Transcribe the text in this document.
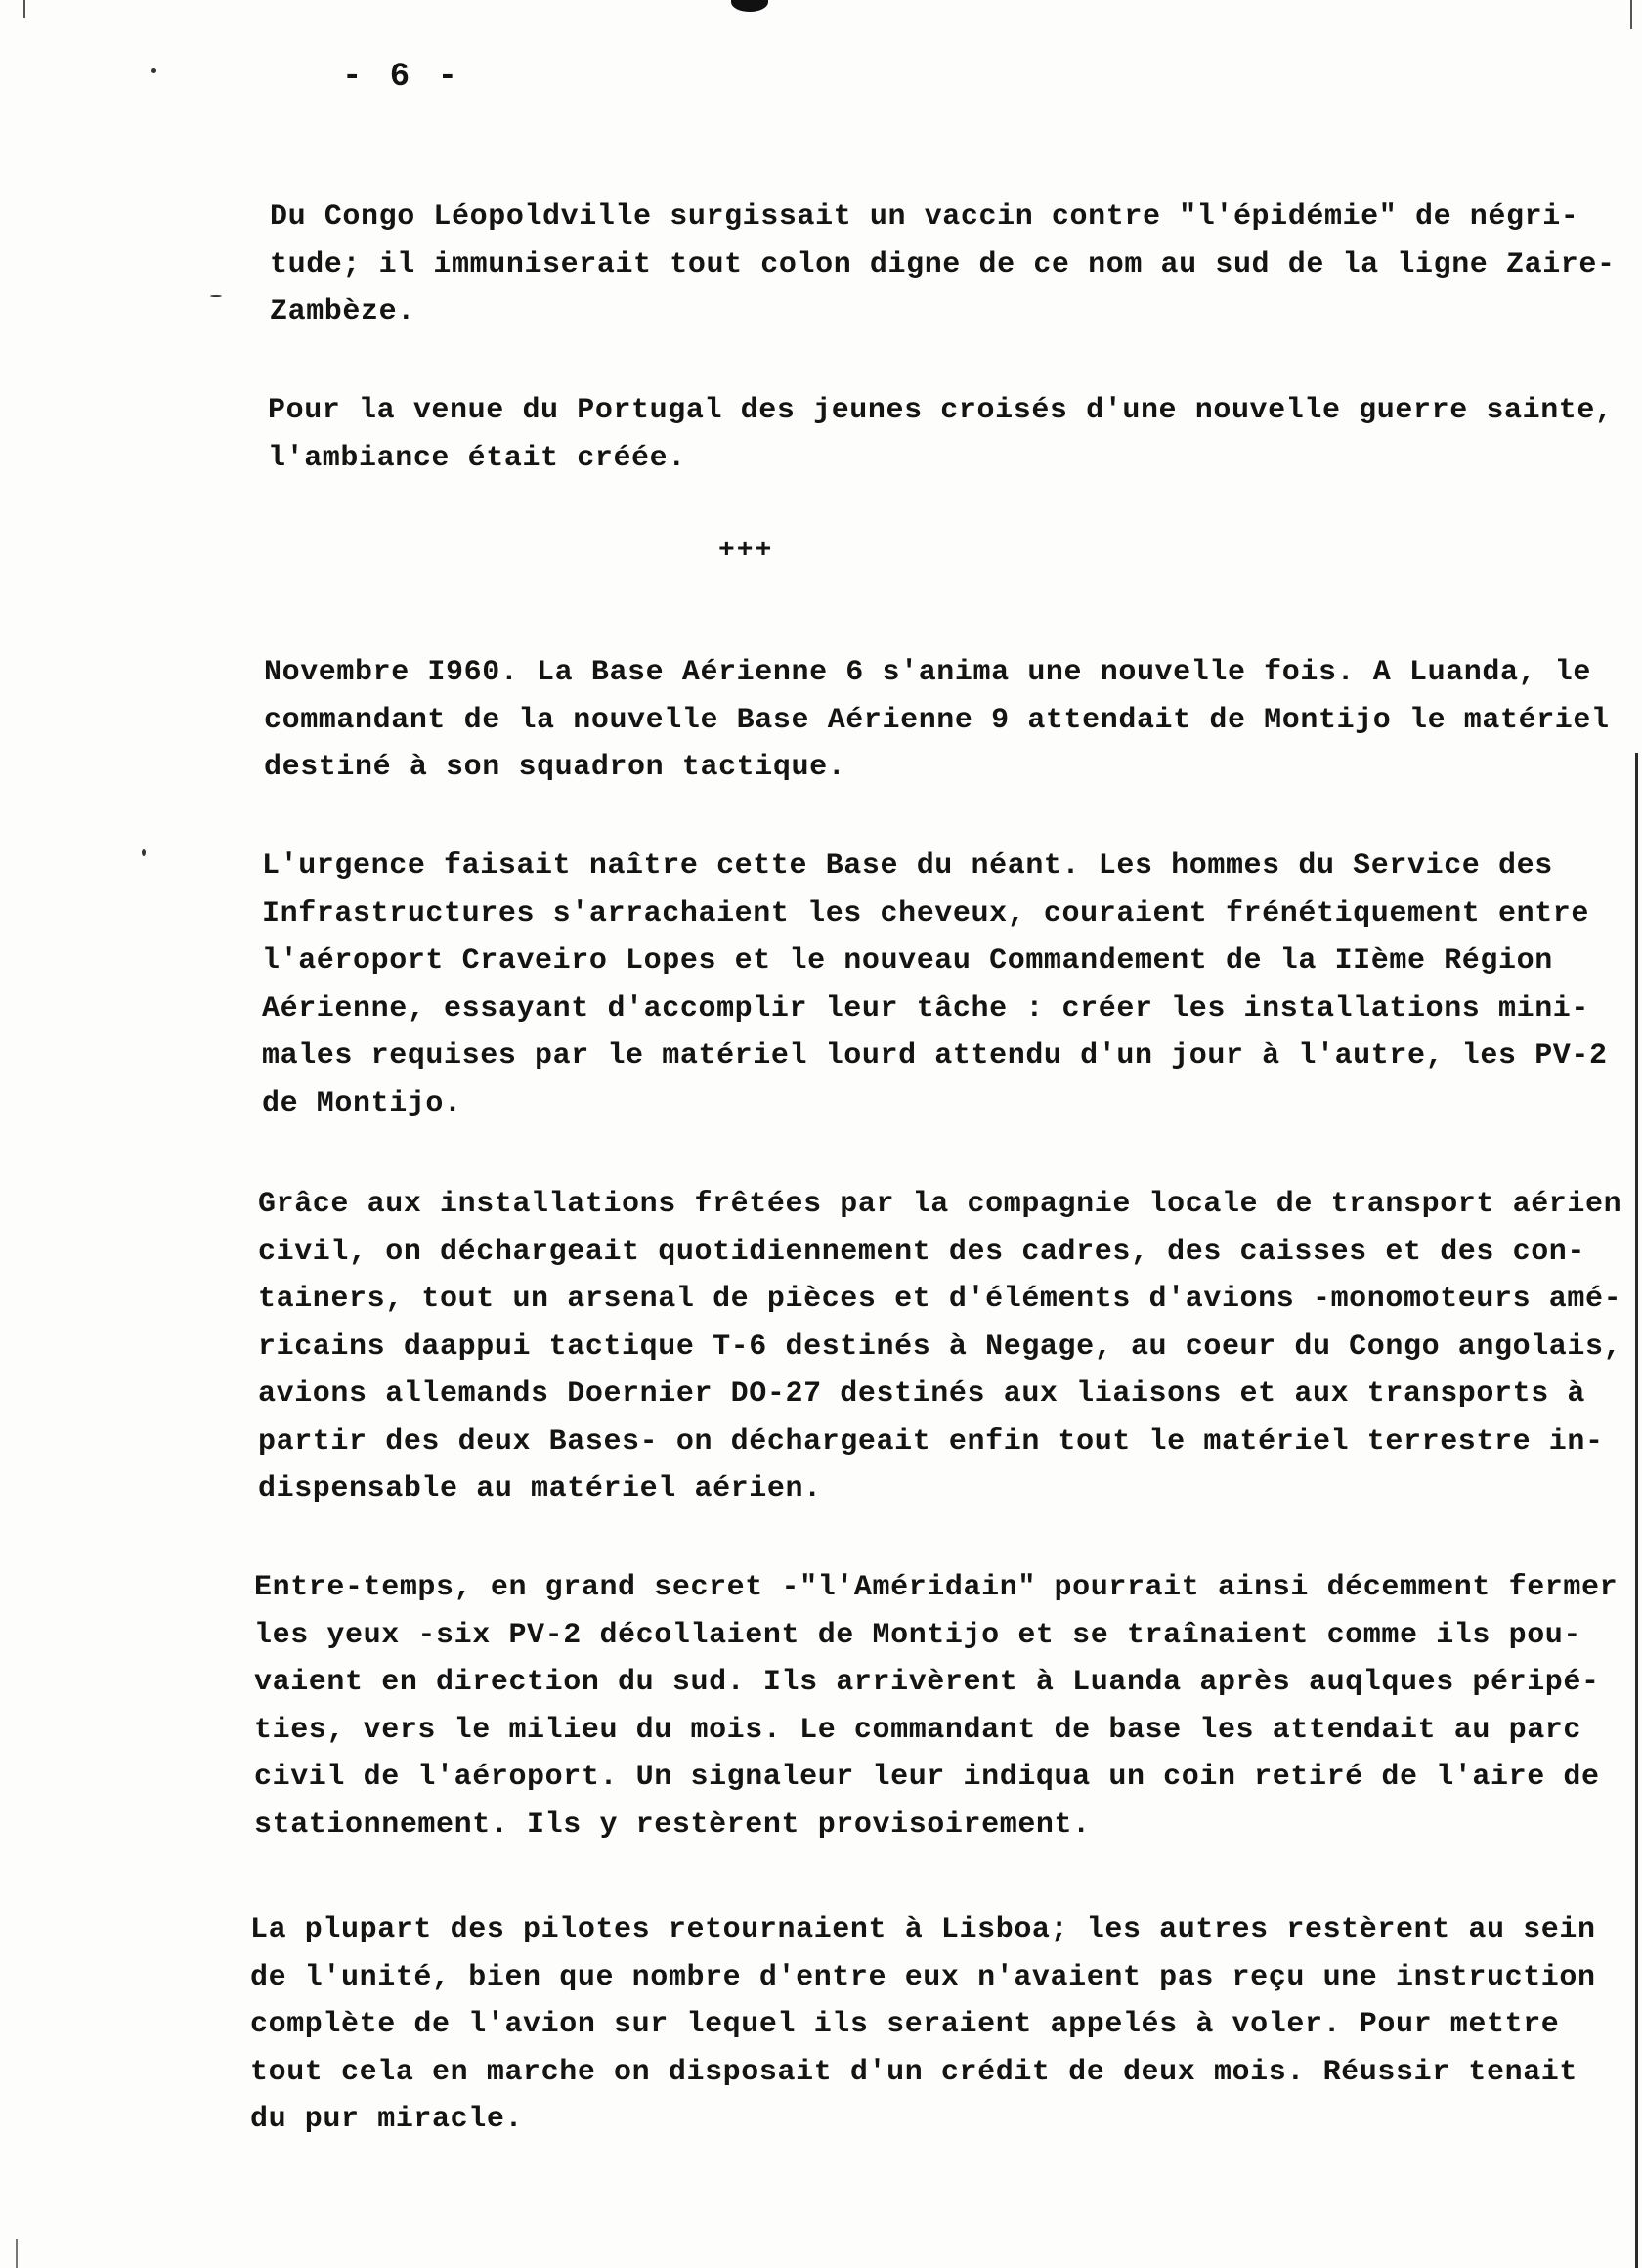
- 6 -

Du Congo Léopoldville surgissait un vaccin contre "l'épidémie" de négri-
tude; il immuniserait tout colon digne de ce nom au sud de la ligne Zaire-
Zambèze.

Pour la venue du Portugal des jeunes croisés d'une nouvelle guerre sainte,
l'ambiance était créée.

+++

Novembre I960. La Base Aérienne 6 s'anima une nouvelle fois. A Luanda, le
commandant de la nouvelle Base Aérienne 9 attendait de Montijo le matériel
destiné à son squadron tactique.

L'urgence faisait naître cette Base du néant. Les hommes du Service des
Infrastructures s'arrachaient les cheveux, couraient frénétiquement entre
l'aéroport Craveiro Lopes et le nouveau Commandement de la IIème Région
Aérienne, essayant d'accomplir leur tâche : créer les installations mini-
males requises par le matériel lourd attendu d'un jour à l'autre, les PV-2
de Montijo.

Grâce aux installations frêtées par la compagnie locale de transport aérien
civil, on déchargeait quotidiennement des cadres, des caisses et des con-
tainers, tout un arsenal de pièces et d'éléments d'avions -monomoteurs amé-
ricains daappui tactique T-6 destinés à Negage, au coeur du Congo angolais,
avions allemands Doernier DO-27 destinés aux liaisons et aux transports à
partir des deux Bases- on déchargeait enfin tout le matériel terrestre in-
dispensable au matériel aérien.

Entre-temps, en grand secret -"l'Améridain" pourrait ainsi décemment fermer
les yeux -six PV-2 décollaient de Montijo et se traînaient comme ils pou-
vaient en direction du sud. Ils arrivèrent à Luanda après auqlques péripé-
ties, vers le milieu du mois. Le commandant de base les attendait au parc
civil de l'aéroport. Un signaleur leur indiqua un coin retiré de l'aire de
stationnement. Ils y restèrent provisoirement.

La plupart des pilotes retournaient à Lisboa; les autres restèrent au sein
de l'unité, bien que nombre d'entre eux n'avaient pas reçu une instruction
complète de l'avion sur lequel ils seraient appelés à voler. Pour mettre
tout cela en marche on disposait d'un crédit de deux mois. Réussir tenait
du pur miracle.
